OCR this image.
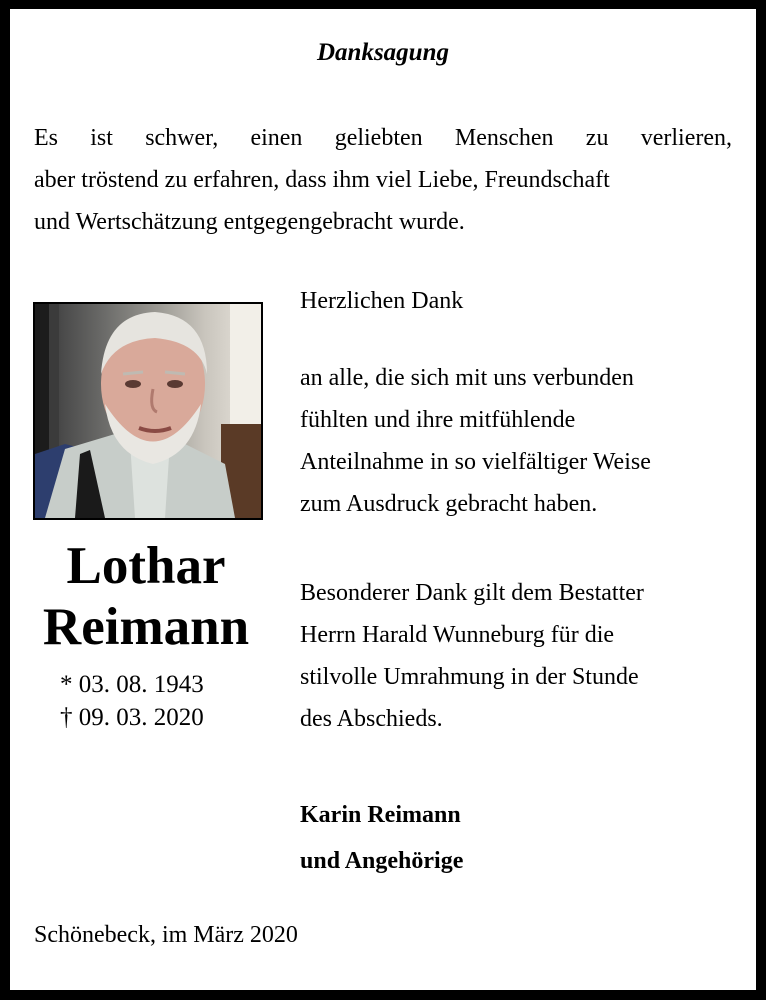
Danksagung
Es ist schwer, einen geliebten Menschen zu verlieren,
aber tröstend zu erfahren, dass ihm viel Liebe, Freundschaft
und Wertschätzung entgegengebracht wurde.
Lothar
Reimann
* 03. 08. 1943
† 09. 03. 2020
Herzlichen Dank
an alle, die sich mit uns verbunden
fühlten und ihre mitfühlende
Anteilnahme in so vielfältiger Weise
zum Ausdruck gebracht haben.
Besonderer Dank gilt dem Bestatter
Herrn Harald Wunneburg für die
stilvolle Umrahmung in der Stunde
des Abschieds.
Karin Reimann
und Angehörige
Schönebeck, im März 2020
